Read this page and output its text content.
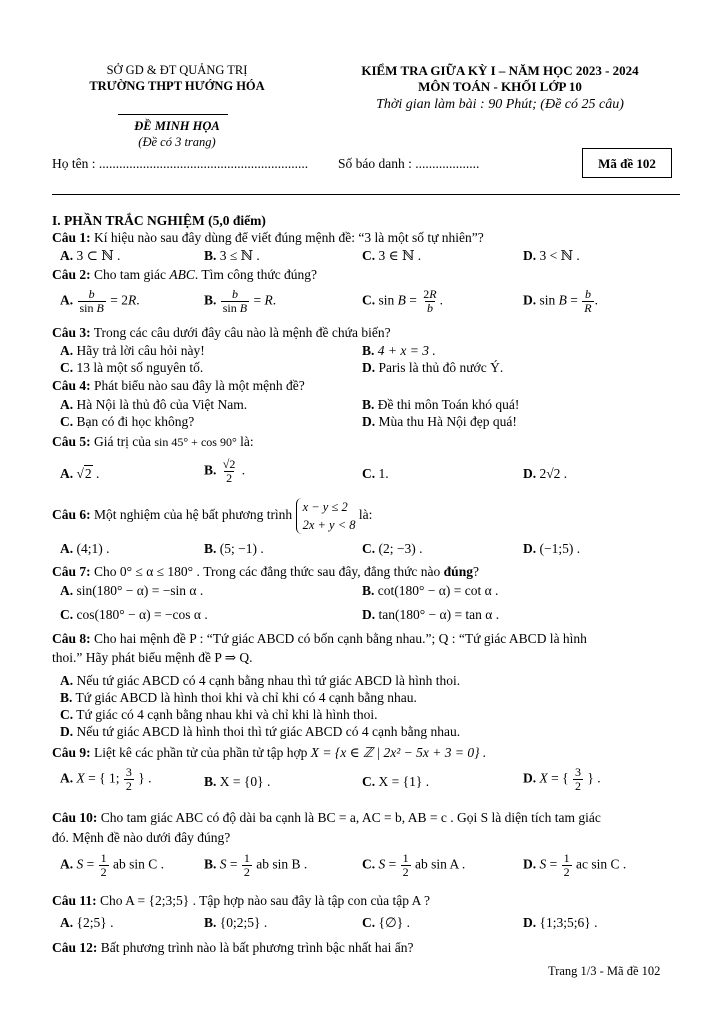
SỞ GD & ĐT QUẢNG TRỊ
TRƯỜNG THPT HƯỚNG HÓA
ĐỀ MINH HỌA
(Đề có 3 trang)
KIỂM TRA GIỮA KỲ I – NĂM HỌC 2023 - 2024
MÔN TOÁN - KHỐI LỚP 10
Thời gian làm bài : 90 Phút; (Đề có 25 câu)
Họ tên : .............................................................. Số báo danh : ...................	Mã đề 102
I. PHẦN TRẮC NGHIỆM (5,0 điểm)
Câu 1: Kí hiệu nào sau đây dùng để viết đúng mệnh đề: “3 là một số tự nhiên”?
A. 3 ⊂ ℕ .	B. 3 ≤ ℕ .	C. 3 ∈ ℕ .	D. 3 < ℕ .
Câu 2: Cho tam giác ABC. Tìm công thức đúng?
A. $\frac{b}{\text{sin B}} = 2R$.	B. $\frac{b}{\text{sin B}} = R$.	C. $\sin B = \frac{2R}{b}$ .	D. $\sin B = \frac{b}{R}$ .
Câu 3: Trong các câu dưới đây câu nào là mệnh đề chứa biến?
A. Hãy trả lời câu hỏi này!	B. 4 + x = 3 .
C. 13 là một số nguyên tố.	D. Paris là thủ đô nước Ý.
Câu 4: Phát biểu nào sau đây là một mệnh đề?
A. Hà Nội là thủ đô của Việt Nam.	B. Đề thi môn Toán khó quá!
C. Bạn có đi học không?	D. Mùa thu Hà Nội đẹp quá!
Câu 5: Giá trị của sin 45° + cos 90° là:
A. √2 .	B. $\frac{√2}{2}$ .	C. 1.	D. 2√2 .
Câu 6: Một nghiệm của hệ bất phương trình x − y ≤ 2
2x + y < 8 là:
A. (4;1) .	B. (5; −1) .	C. (2; −3) .	D. (−1;5) .
Câu 7: Cho 0° ≤ α ≤ 180° . Trong các đẳng thức sau đây, đẳng thức nào đúng?
A. sin(180° − α) = −sin α .	B. cot(180° − α) = cot α .
C. cos(180° − α) = −cos α .	D. tan(180° − α) = tan α .
Câu 8: Cho hai mệnh đề P : “Tứ giác ABCD có bốn cạnh bằng nhau.”; Q : “Tứ giác ABCD là hình
thoi.” Hãy phát biểu mệnh đề P ⇒ Q.
A. Nếu tứ giác ABCD có 4 cạnh bằng nhau thì tứ giác ABCD là hình thoi.
B. Tứ giác ABCD là hình thoi khi và chỉ khi có 4 cạnh bằng nhau.
C. Tứ giác có 4 cạnh bằng nhau khi và chỉ khi là hình thoi.
D. Nếu tứ giác ABCD là hình thoi thì tứ giác ABCD có 4 cạnh bằng nhau.
Câu 9: Liệt kê các phần tử của phần tử tập hợp X = {x ∈ ℤ | 2x² − 5x + 3 = 0} .
A. X = { 1; $\frac{3}{2}$ } .	B. X = {0} .	C. X = {1} .	D. X = { $\frac{3}{2}$ } .
Câu 10: Cho tam giác ABC có độ dài ba cạnh là BC = a, AC = b, AB = c . Gọi S là diện tích tam giác
đó. Mệnh đề nào dưới đây đúng?
A. $S = \frac{1}{2}$ ab sin C .	B. $S = \frac{1}{2}$ ab sin B .	C. $S = \frac{1}{2}$ ab sin A .	D. $S = \frac{1}{2}$ ac sin C .
Câu 11: Cho A = {2;3;5} . Tập hợp nào sau đây là tập con của tập A ?
A. {2;5} .	B. {0;2;5} .	C. {∅} .	D. {1;3;5;6} .
Câu 12: Bất phương trình nào là bất phương trình bậc nhất hai ẩn?
Trang 1/3 - Mã đề 102
